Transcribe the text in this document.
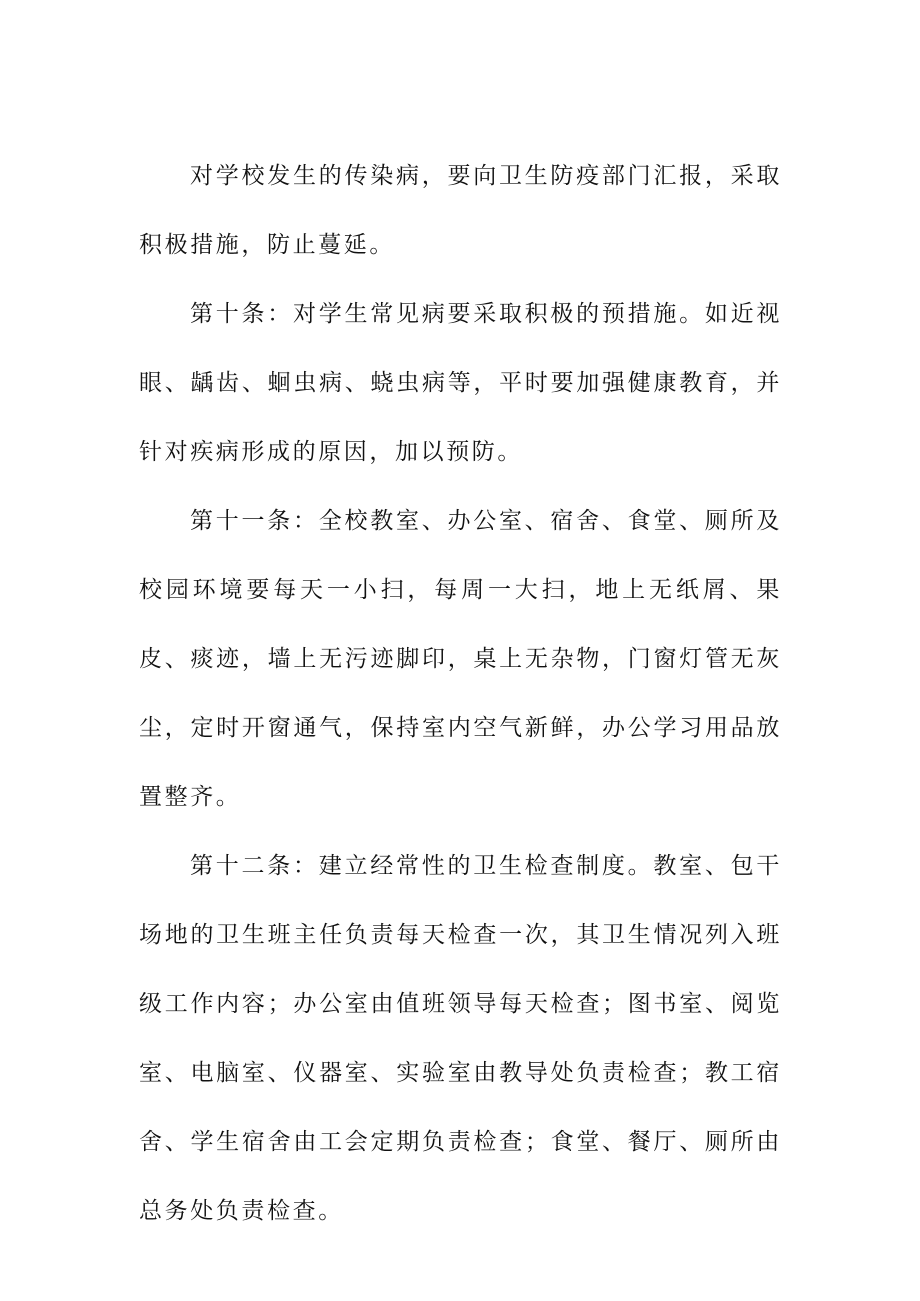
对学校发生的传染病，要向卫生防疫部门汇报，采取积极措施，防止蔓延。

第十条：对学生常见病要采取积极的预措施。如近视眼、龋齿、蛔虫病、蛲虫病等，平时要加强健康教育，并针对疾病形成的原因，加以预防。

第十一条：全校教室、办公室、宿舍、食堂、厕所及校园环境要每天一小扫，每周一大扫，地上无纸屑、果皮、痰迹，墙上无污迹脚印，桌上无杂物，门窗灯管无灰尘，定时开窗通气，保持室内空气新鲜，办公学习用品放置整齐。

第十二条：建立经常性的卫生检查制度。教室、包干场地的卫生班主任负责每天检查一次，其卫生情况列入班级工作内容；办公室由值班领导每天检查；图书室、阅览室、电脑室、仪器室、实验室由教导处负责检查；教工宿舍、学生宿舍由工会定期负责检查；食堂、餐厅、厕所由总务处负责检查。
